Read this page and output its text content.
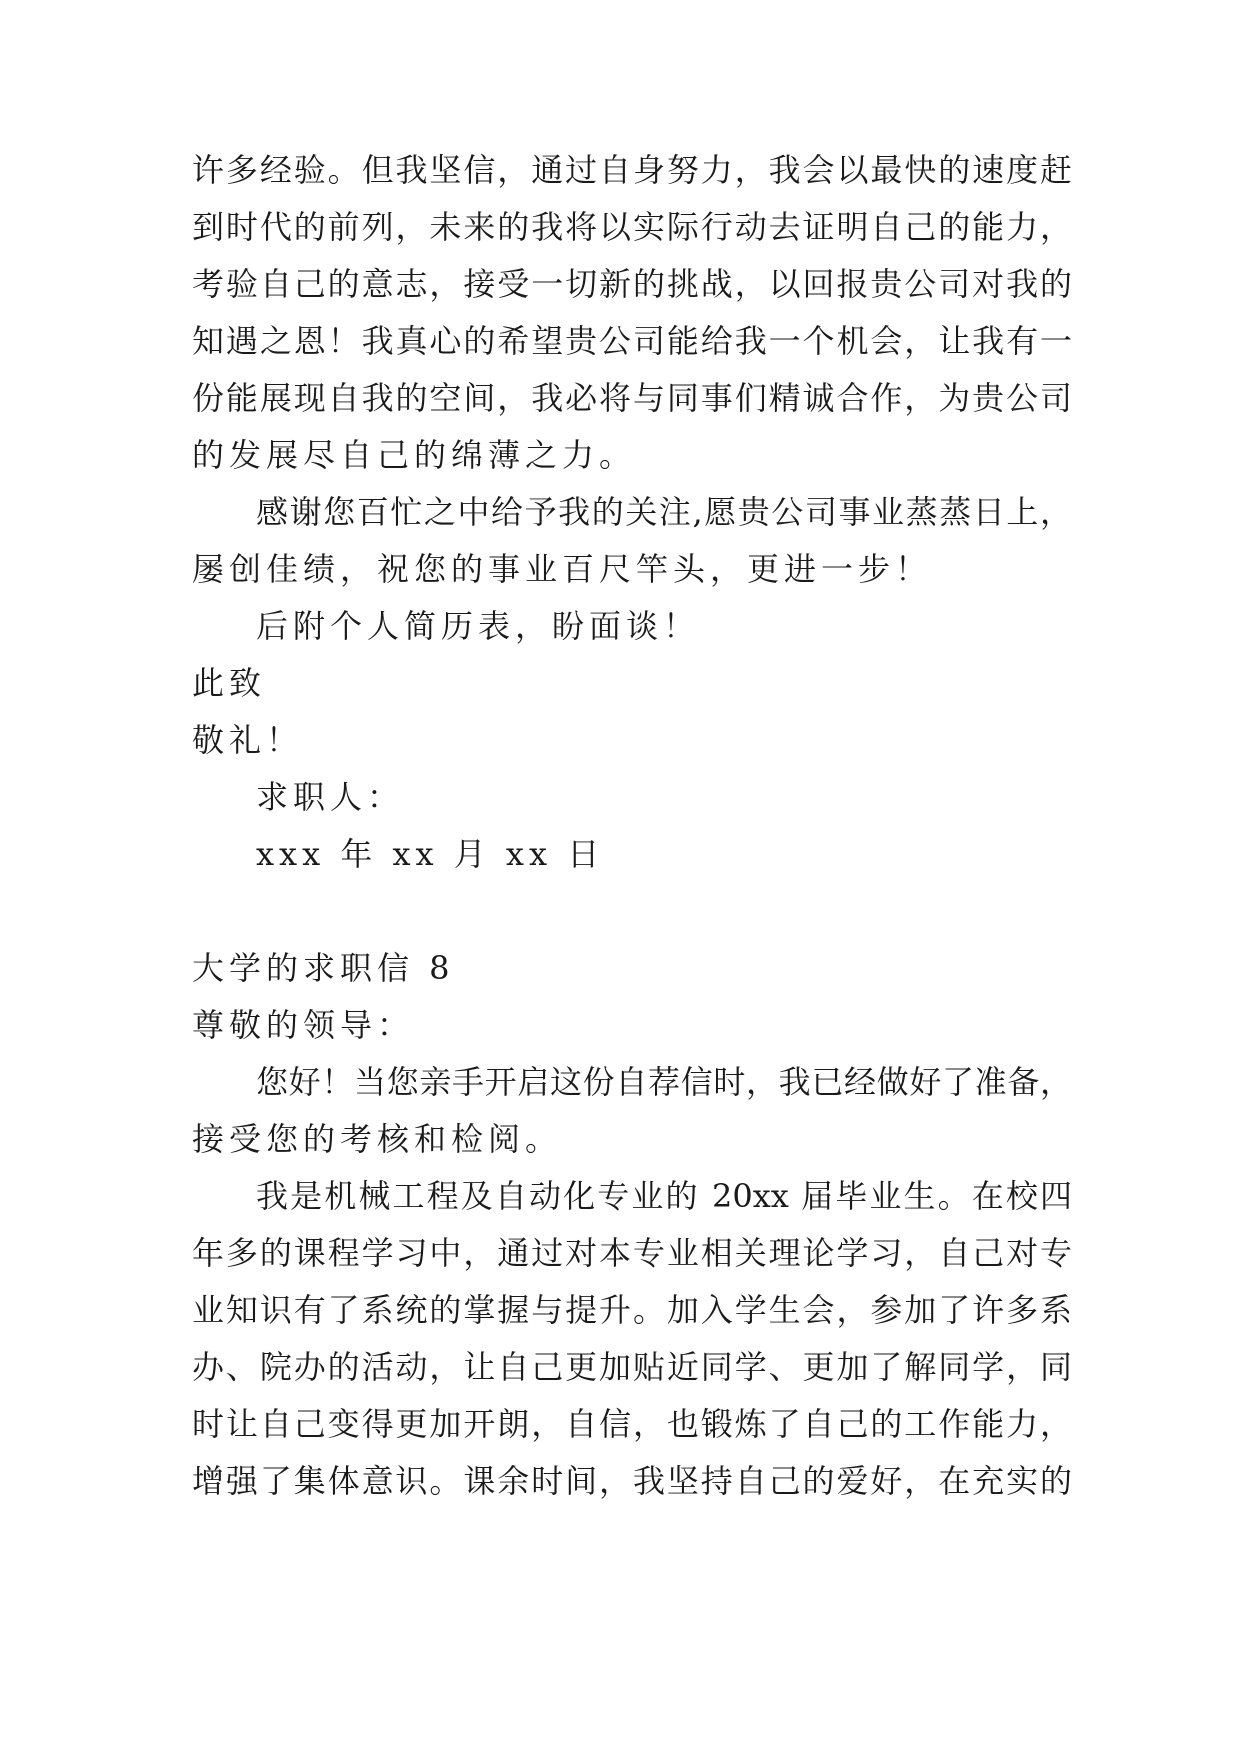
许多经验。但我坚信，通过自身努力，我会以最快的速度赶
到时代的前列，未来的我将以实际行动去证明自己的能力，
考验自己的意志，接受一切新的挑战，以回报贵公司对我的
知遇之恩！我真心的希望贵公司能给我一个机会，让我有一
份能展现自我的空间，我必将与同事们精诚合作，为贵公司
的发展尽自己的绵薄之力。
感谢您百忙之中给予我的关注,愿贵公司事业蒸蒸日上，
屡创佳绩，祝您的事业百尺竿头，更进一步！
后附个人简历表，盼面谈！
此致
敬礼！
求职人：
xxx 年 xx 月 xx 日
大学的求职信 8
尊敬的领导：
您好！当您亲手开启这份自荐信时，我已经做好了准备，
接受您的考核和检阅。
我是机械工程及自动化专业的 20xx 届毕业生。在校四
年多的课程学习中，通过对本专业相关理论学习，自己对专
业知识有了系统的掌握与提升。加入学生会，参加了许多系
办、院办的活动，让自己更加贴近同学、更加了解同学，同
时让自己变得更加开朗，自信，也锻炼了自己的工作能力，
增强了集体意识。课余时间，我坚持自己的爱好，在充实的
